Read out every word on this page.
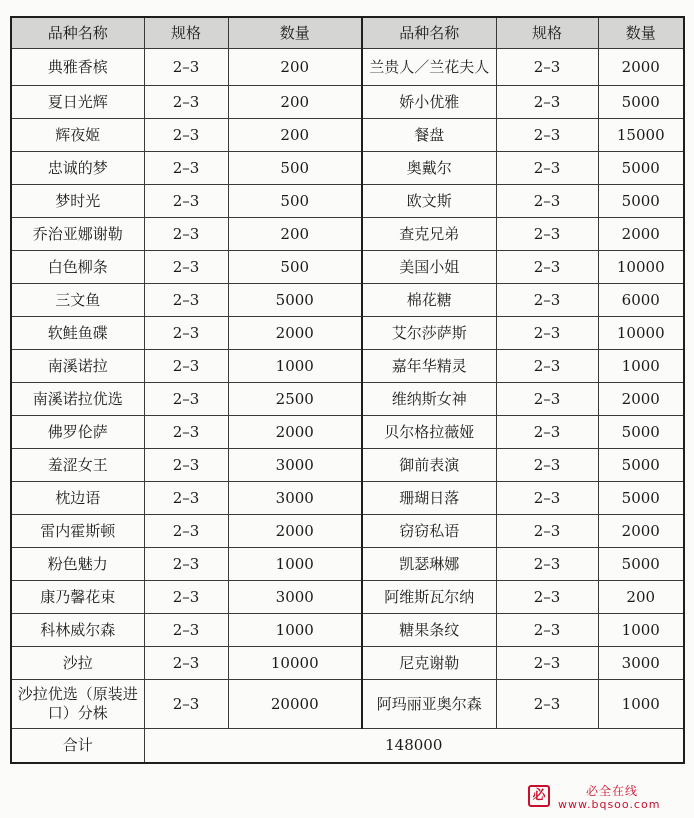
品种名称	规格	数量	品种名称	规格	数量
典雅香槟	2–3	200	兰贵人／兰花夫人	2–3	2000
夏日光辉	2–3	200	娇小优雅	2–3	5000
辉夜姬	2–3	200	餐盘	2–3	15000
忠诚的梦	2–3	500	奥戴尔	2–3	5000
梦时光	2–3	500	欧文斯	2–3	5000
乔治亚娜谢勒	2–3	200	查克兄弟	2–3	2000
白色柳条	2–3	500	美国小姐	2–3	10000
三文鱼	2–3	5000	棉花糖	2–3	6000
软鲑鱼碟	2–3	2000	艾尔莎萨斯	2–3	10000
南溪诺拉	2–3	1000	嘉年华精灵	2–3	1000
南溪诺拉优选	2–3	2500	维纳斯女神	2–3	2000
佛罗伦萨	2–3	2000	贝尔格拉薇娅	2–3	5000
羞涩女王	2–3	3000	御前表演	2–3	5000
枕边语	2–3	3000	珊瑚日落	2–3	5000
雷内霍斯顿	2–3	2000	窃窃私语	2–3	2000
粉色魅力	2–3	1000	凯瑟琳娜	2–3	5000
康乃馨花束	2–3	3000	阿维斯瓦尔纳	2–3	200
科林威尔森	2–3	1000	糖果条纹	2–3	1000
沙拉	2–3	10000	尼克谢勒	2–3	3000
沙拉优选（原装进口）分株	2–3	20000	阿玛丽亚奥尔森	2–3	1000
合计	148000				
必	必全在线
www.bqsoo.com
